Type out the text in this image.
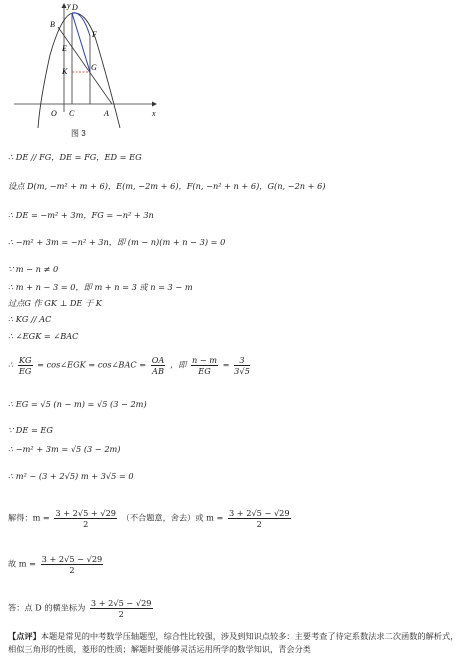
y D
B
E
F
K	G
O C	A	x
图 3
∴ DE // FG，DE = FG，ED = EG
设点 D(m, −m² + m + 6)，E(m, −2m + 6)，F(n, −n² + n + 6)，G(n, −2n + 6)
∴ DE = −m² + 3m，FG = −n² + 3n
∴ −m² + 3m = −n² + 3n，即 (m − n)(m + n − 3) = 0
∵ m − n ≠ 0
∴ m + n − 3 = 0，即 m + n = 3 或 n = 3 − m
过点G 作 GK ⊥ DE 于 K
∴ KG // AC
∴ ∠EGK = ∠BAC
∴ $\frac{KG}{EG}$ = cos∠EGK = cos∠BAC = $\frac{OA}{AB}$ ，即 $\frac{n - m}{EG} = \frac{3}{3√5}$
∴ EG = √5 (n − m) = √5 (3 − 2m)
∵ DE = EG
∴ −m² + 3m = √5 (3 − 2m)
∴ m² − (3 + 2√5) m + 3√5 = 0
解得：$m = \frac{3 + 2√5 + √29}{2}$ （不合题意，舍去）或 $m = \frac{3 + 2√5 - √29}{2}$
故 $m = \frac{3 + 2√5 - √29}{2}$
答：点 D 的横坐标为 $\frac{3 + 2√5 - √29}{2}$
【点评】本题是常见的中考数学压轴题型，综合性比较强，涉及到知识点较多：主要考查了待定系数法求二次函数的解析式，相似三角形的性质，菱形的性质；解题时要能够灵活运用所学的数学知识，青会分类
